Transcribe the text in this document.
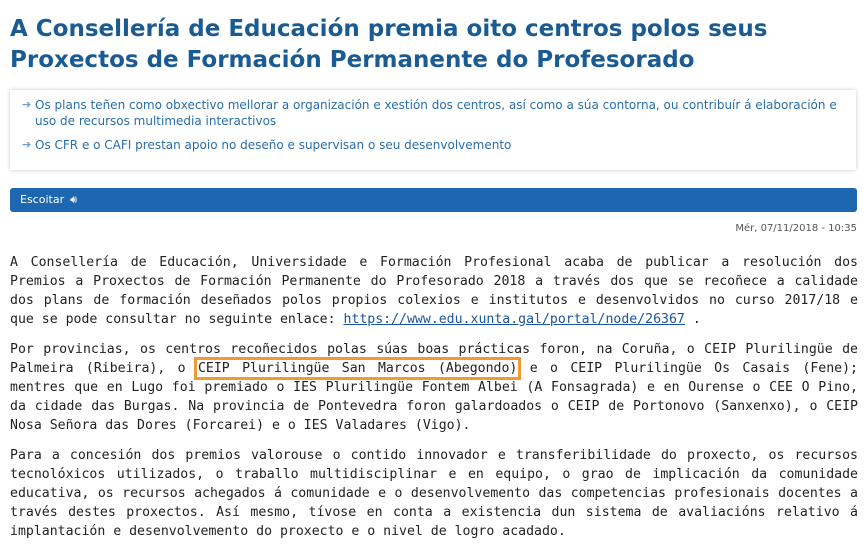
A Consellería de Educación premia oito centros polos seus Proxectos de Formación Permanente do Profesorado
➔ Os plans teñen como obxectivo mellorar a organización e xestión dos centros, así como a súa contorna, ou contribuír á elaboración e uso de recursos multimedia interactivos
➔ Os CFR e o CAFI prestan apoio no deseño e supervisan o seu desenvolvemento
Escoitar 🔊︎
Mér, 07/11/2018 - 10:35

A Consellería de Educación, Universidade e Formación Profesional acaba de publicar a resolución dos Premios a Proxectos de Formación Permanente do Profesorado 2018 a través dos que se recoñece a calidade dos plans de formación deseñados polos propios colexios e institutos e desenvolvidos no curso 2017/18 e que se pode consultar no seguinte enlace: https://www.edu.xunta.gal/portal/node/26367 .

Por provincias, os centros recoñecidos polas súas boas prácticas foron, na Coruña, o CEIP Plurilingüe de Palmeira (Ribeira), o CEIP Plurilingüe San Marcos (Abegondo) e o CEIP Plurilingüe Os Casais (Fene); mentres que en Lugo foi premiado o IES Plurilingüe Fontem Albei (A Fonsagrada) e en Ourense o CEE O Pino, da cidade das Burgas. Na provincia de Pontevedra foron galardoados o CEIP de Portonovo (Sanxenxo), o CEIP Nosa Señora das Dores (Forcarei) e o IES Valadares (Vigo).

Para a concesión dos premios valorouse o contido innovador e transferibilidade do proxecto, os recursos tecnolóxicos utilizados, o traballo multidisciplinar e en equipo, o grao de implicación da comunidade educativa, os recursos achegados á comunidade e o desenvolvemento das competencias profesionais docentes a través destes proxectos. Así mesmo, tívose en conta a existencia dun sistema de avaliacións relativo á implantación e desenvolvemento do proxecto e o nivel de logro acadado.
